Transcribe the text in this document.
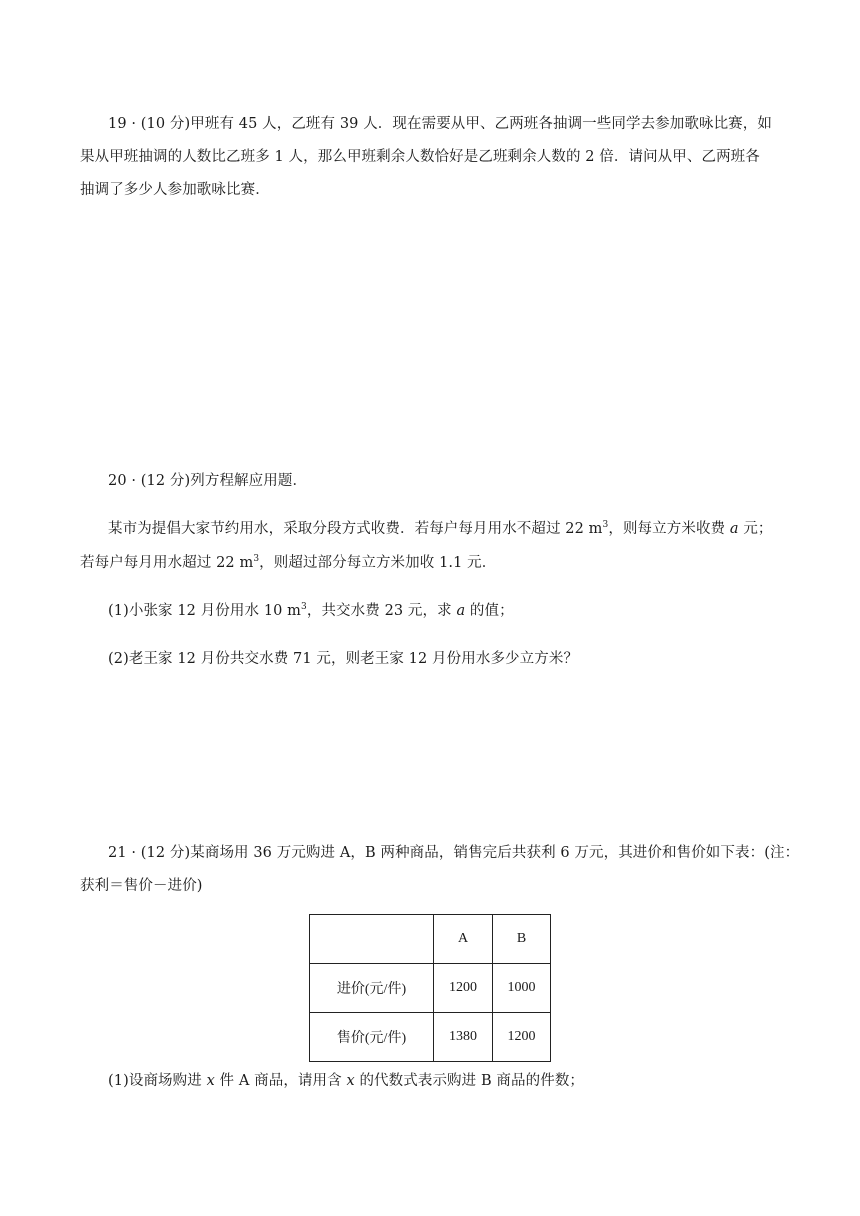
19 · (10 分)甲班有 45 人，乙班有 39 人．现在需要从甲、乙两班各抽调一些同学去参加歌咏比赛，如
果从甲班抽调的人数比乙班多 1 人，那么甲班剩余人数恰好是乙班剩余人数的 2 倍．请问从甲、乙两班各
抽调了多少人参加歌咏比赛．
20 · (12 分)列方程解应用题．
某市为提倡大家节约用水，采取分段方式收费．若每户每月用水不超过 22 $m^3$，则每立方米收费 a 元；
若每户每月用水超过 22 $m^3$，则超过部分每立方米加收 1.1 元．
(1)小张家 12 月份用水 10 $m^3$，共交水费 23 元，求 a 的值；
(2)老王家 12 月份共交水费 71 元，则老王家 12 月份用水多少立方米？
21 · (12 分)某商场用 36 万元购进 A，B 两种商品，销售完后共获利 6 万元，其进价和售价如下表：(注：
获利＝售价－进价)
	A	B
进价(元/件)	1200	1000
售价(元/件)	1380	1200
(1)设商场购进 x 件 A 商品，请用含 x 的代数式表示购进 B 商品的件数；
